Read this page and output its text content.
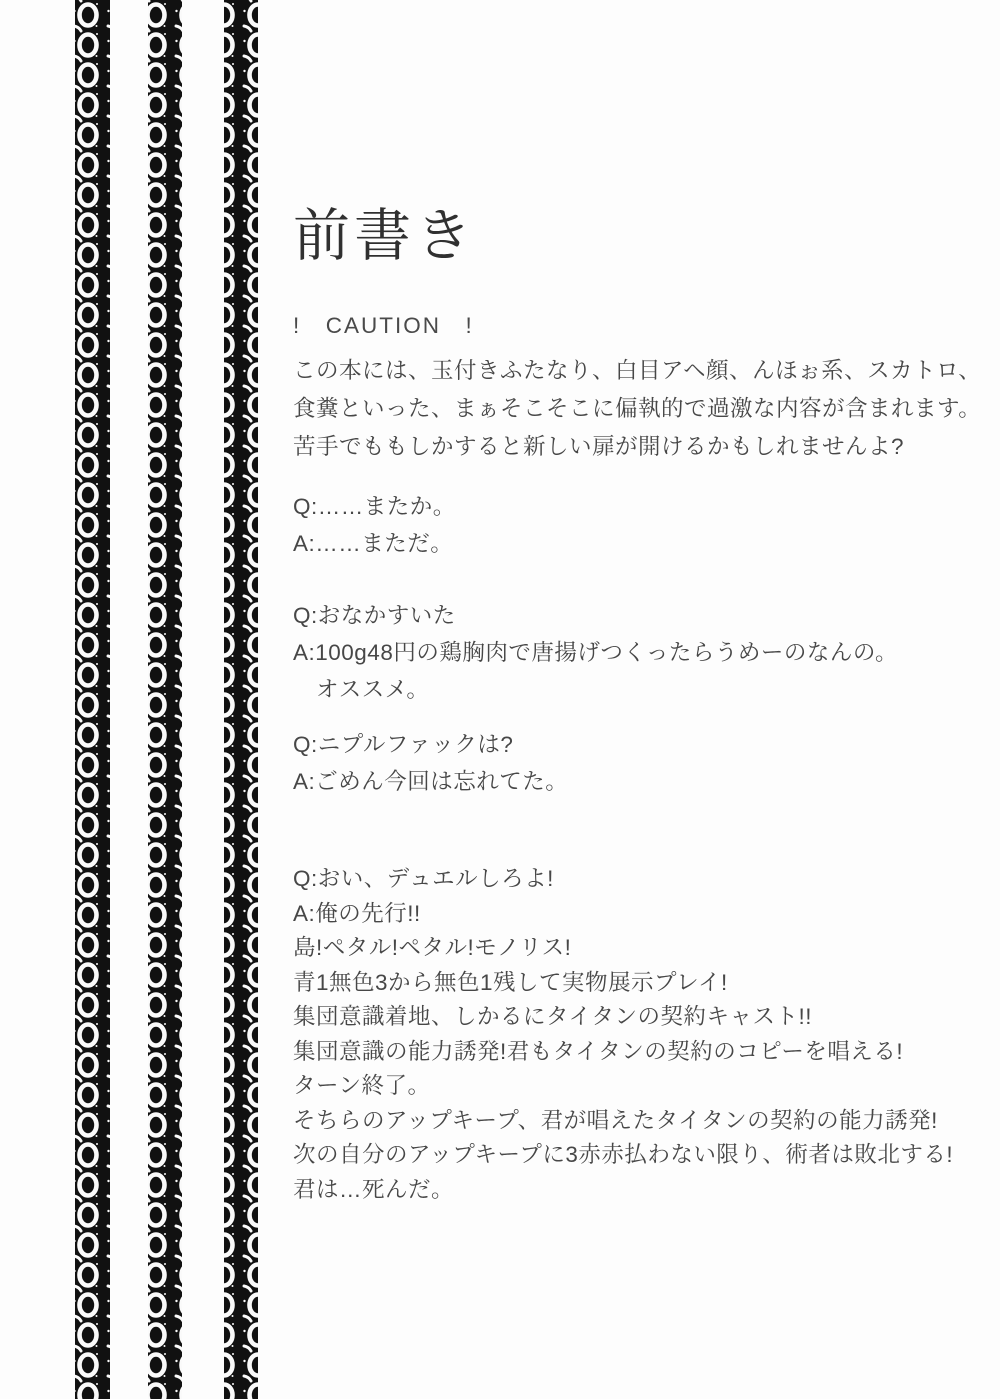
前書き
!　CAUTION　!
この本には、玉付きふたなり、白目アヘ顔、んほぉ系、スカトロ、
食糞といった、まぁそこそこに偏執的で過激な内容が含まれます。
苦手でももしかすると新しい扉が開けるかもしれませんよ?
Q:……またか。
A:……まただ。
Q:おなかすいた
A:100g48円の鶏胸肉で唐揚げつくったらうめーのなんの。
　オススメ。
Q:ニプルファックは?
A:ごめん今回は忘れてた。
Q:おい、デュエルしろよ!
A:俺の先行!!
島!ペタル!ペタル!モノリス!
青1無色3から無色1残して実物展示プレイ!
集団意識着地、しかるにタイタンの契約キャスト!!
集団意識の能力誘発!君もタイタンの契約のコピーを唱える!
ターン終了。
そちらのアップキープ、君が唱えたタイタンの契約の能力誘発!
次の自分のアップキープに3赤赤払わない限り、術者は敗北する!
君は…死んだ。
